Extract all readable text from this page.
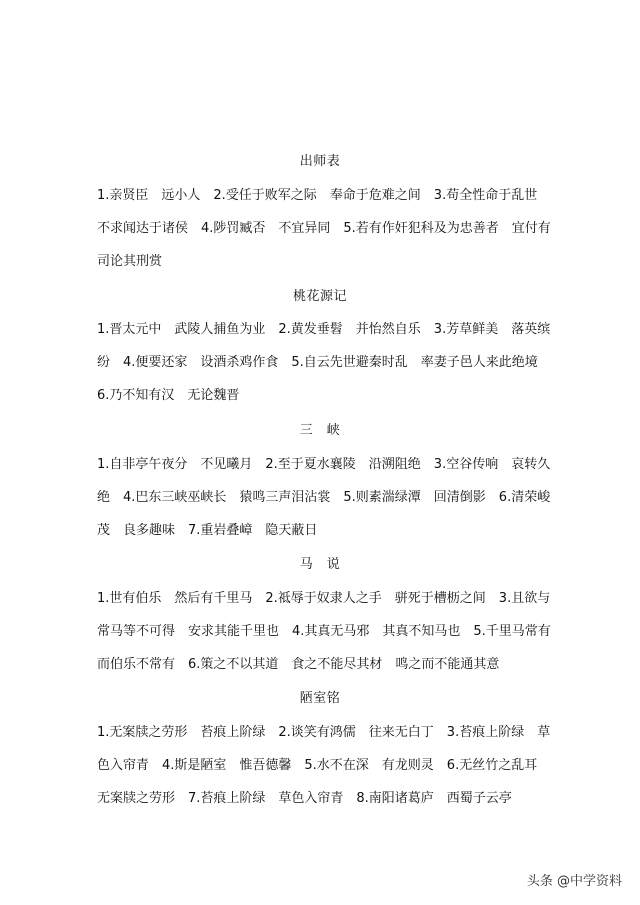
出师表
1.亲贤臣　远小人　2.受任于败军之际　奉命于危难之间　3.苟全性命于乱世
不求闻达于诸侯　4.陟罚臧否　不宜异同　5.若有作奸犯科及为忠善者　宜付有
司论其刑赏
桃花源记
1.晋太元中　武陵人捕鱼为业　2.黄发垂髫　并怡然自乐　3.芳草鲜美　落英缤
纷　4.便要还家　设酒杀鸡作食　5.自云先世避秦时乱　率妻子邑人来此绝境
6.乃不知有汉　无论魏晋
三　峡
1.自非亭午夜分　不见曦月　2.至于夏水襄陵　沿溯阻绝　3.空谷传响　哀转久
绝　4.巴东三峡巫峡长　猿鸣三声泪沾裳　5.则素湍绿潭　回清倒影　6.清荣峻
茂　良多趣味　7.重岩叠嶂　隐天蔽日
马　说
1.世有伯乐　然后有千里马　2.祗辱于奴隶人之手　骈死于槽枥之间　3.且欲与
常马等不可得　安求其能千里也　4.其真无马邪　其真不知马也　5.千里马常有
而伯乐不常有　6.策之不以其道　食之不能尽其材　鸣之而不能通其意
陋室铭
1.无案牍之劳形　苔痕上阶绿　2.谈笑有鸿儒　往来无白丁　3.苔痕上阶绿　草
色入帘青　4.斯是陋室　惟吾德馨　5.水不在深　有龙则灵　6.无丝竹之乱耳
无案牍之劳形　7.苔痕上阶绿　草色入帘青　8.南阳诸葛庐　西蜀子云亭
头条 @中学资料
